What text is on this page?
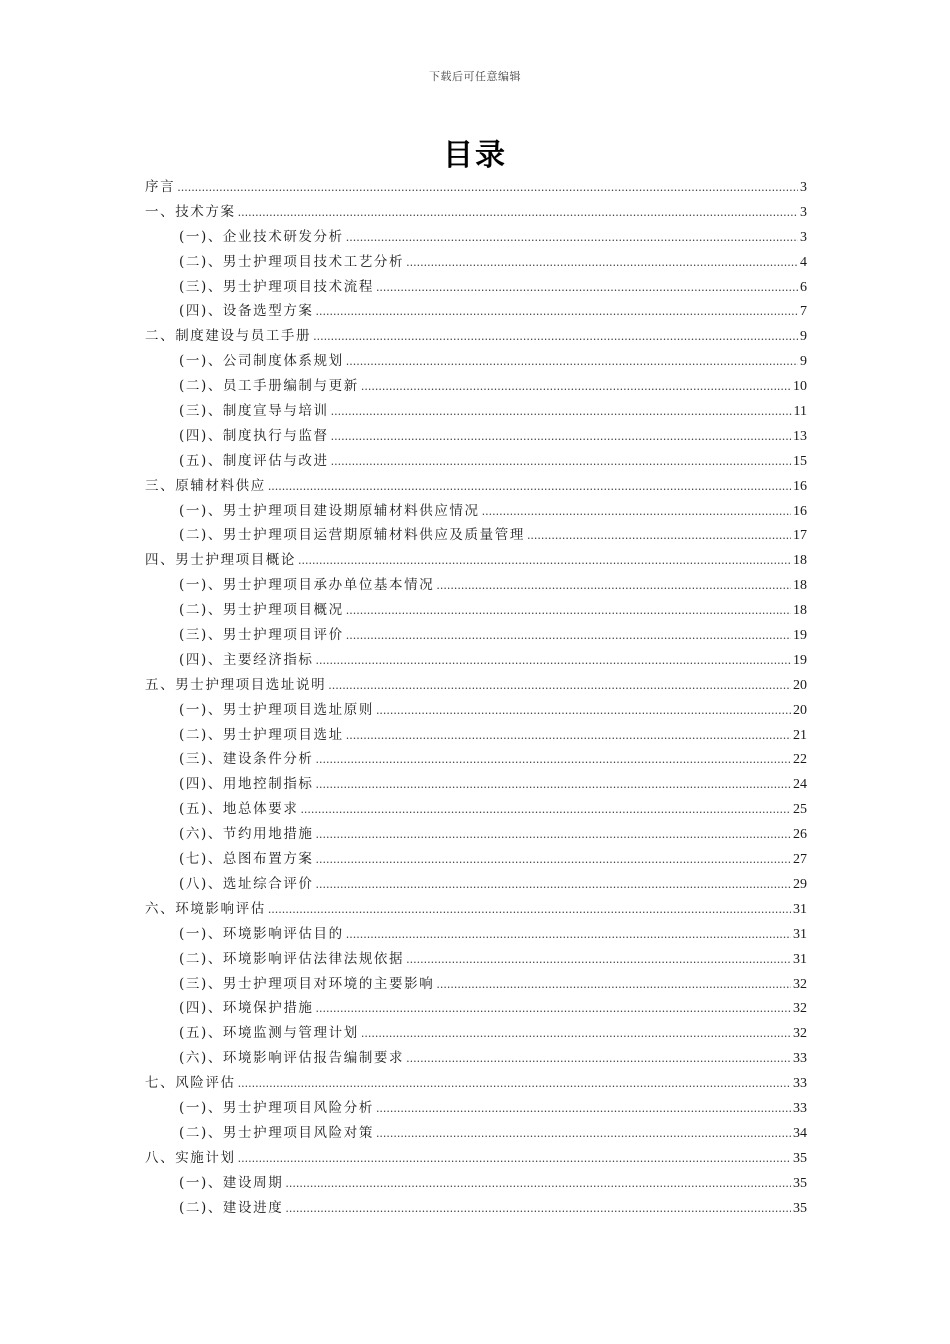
下载后可任意编辑
目录
序言 .....	3
一、技术方案 .....	3
(一)、企业技术研发分析 .....	3
(二)、男士护理项目技术工艺分析 .....	4
(三)、男士护理项目技术流程 .....	6
(四)、设备选型方案 .....	7
二、制度建设与员工手册 .....	9
(一)、公司制度体系规划 .....	9
(二)、员工手册编制与更新 .....	10
(三)、制度宣导与培训 .....	11
(四)、制度执行与监督 .....	13
(五)、制度评估与改进 .....	15
三、原辅材料供应 .....	16
(一)、男士护理项目建设期原辅材料供应情况 .....	16
(二)、男士护理项目运营期原辅材料供应及质量管理 .....	17
四、男士护理项目概论 .....	18
(一)、男士护理项目承办单位基本情况 .....	18
(二)、男士护理项目概况 .....	18
(三)、男士护理项目评价 .....	19
(四)、主要经济指标 .....	19
五、男士护理项目选址说明 .....	20
(一)、男士护理项目选址原则 .....	20
(二)、男士护理项目选址 .....	21
(三)、建设条件分析 .....	22
(四)、用地控制指标 .....	24
(五)、地总体要求 .....	25
(六)、节约用地措施 .....	26
(七)、总图布置方案 .....	27
(八)、选址综合评价 .....	29
六、环境影响评估 .....	31
(一)、环境影响评估目的 .....	31
(二)、环境影响评估法律法规依据 .....	31
(三)、男士护理项目对环境的主要影响 .....	32
(四)、环境保护措施 .....	32
(五)、环境监测与管理计划 .....	32
(六)、环境影响评估报告编制要求 .....	33
七、风险评估 .....	33
(一)、男士护理项目风险分析 .....	33
(二)、男士护理项目风险对策 .....	34
八、实施计划 .....	35
(一)、建设周期 .....	35
(二)、建设进度 .....	35
